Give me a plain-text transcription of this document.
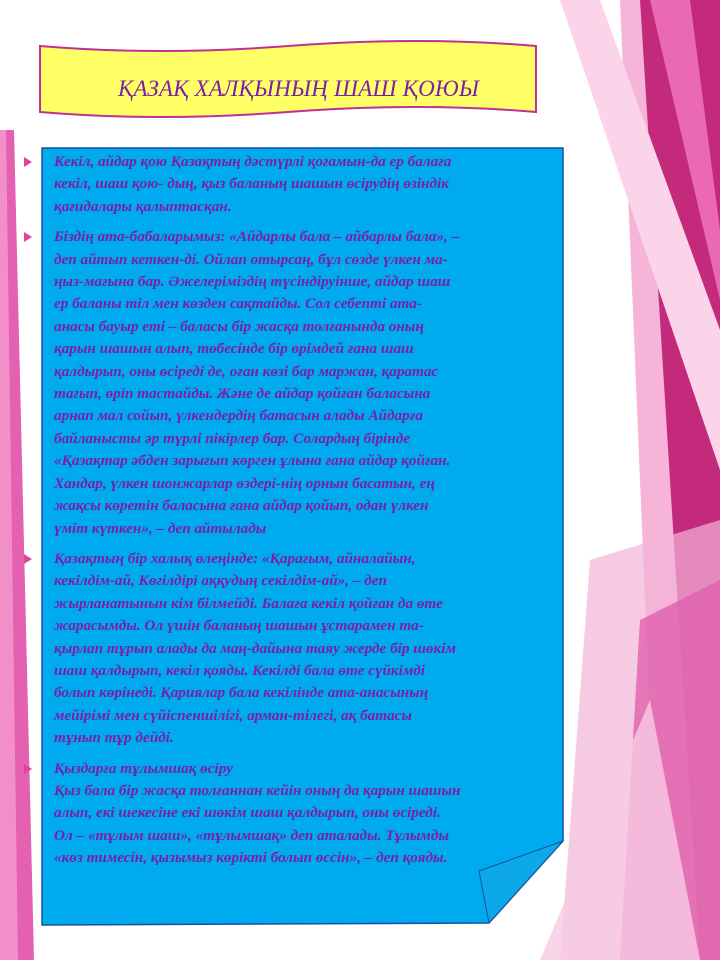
ҚАЗАҚ ХАЛҚЫНЫҢ ШАШ ҚОЮЫ

Кекіл, айдар қою Қазақтың дәстүрлі қоғамын-да ер балаға
кекіл, шаш қою- дың, қыз баланың шашын өсірудің өзіндік
қағидалары қалыптасқан.

Біздің ата-бабаларымыз: «Айдарлы бала – айбарлы бала», –
деп айтып кеткен-ді. Ойлап отырсаң, бұл сөзде үлкен ма-
ңыз-мағына бар. Әжелеріміздің түсіндіруінше, айдар шаш
ер баланы тіл мен көзден сақтайды. Сол себепті ата-
анасы бауыр еті – баласы бір жасқа толғанында оның
қарын шашын алып, төбесінде бір өрімдей ғана шаш
қалдырып, оны өсіреді де, оған көзі бар маржан, қаратас
тағып, өріп тастайды. Және де айдар қойған баласына
арнап мал сойып, үлкендердің батасын алады Айдарға
байланысты әр түрлі пікірлер бар. Солардың бірінде
«Қазақтар әбден зарығып көрген ұлына ғана айдар қойған.
Хандар, үлкен шонжарлар өздері-нің орнын басатын, ең
жақсы көретін баласына ғана айдар қойып, одан үлкен
үміт күткен», – деп айтылады

Қазақтың бір халық өлеңінде: «Қарағым, айналайын,
кекілдім-ай, Көгілдірі аққудың секілдім-ай», – деп
жырланатынын кім білмейді. Балаға кекіл қойған да өте
жарасымды. Ол үшін баланың шашын ұстарамен та-
қырлап тұрып алады да маң-дайына таяу жерде бір шөкім
шаш қалдырып, кекіл қояды. Кекілді бала өте сүйкімді
болып көрінеді. Қариялар бала кекілінде ата-анасының
мейірімі мен сүйіспеншілігі, арман-тілегі, ақ батасы
тұнып тұр дейді.

Қыздарға тұлымшақ өсіру
Қыз бала бір жасқа толғаннан кейін оның да қарын шашын
алып, екі шекесіне екі шөкім шаш қалдырып, оны өсіреді.
Ол – «тұлым шаш», «тұлымшақ» деп аталады. Тұлымды
«көз тимесін, қызымыз көрікті болып өссін», – деп қояды.
